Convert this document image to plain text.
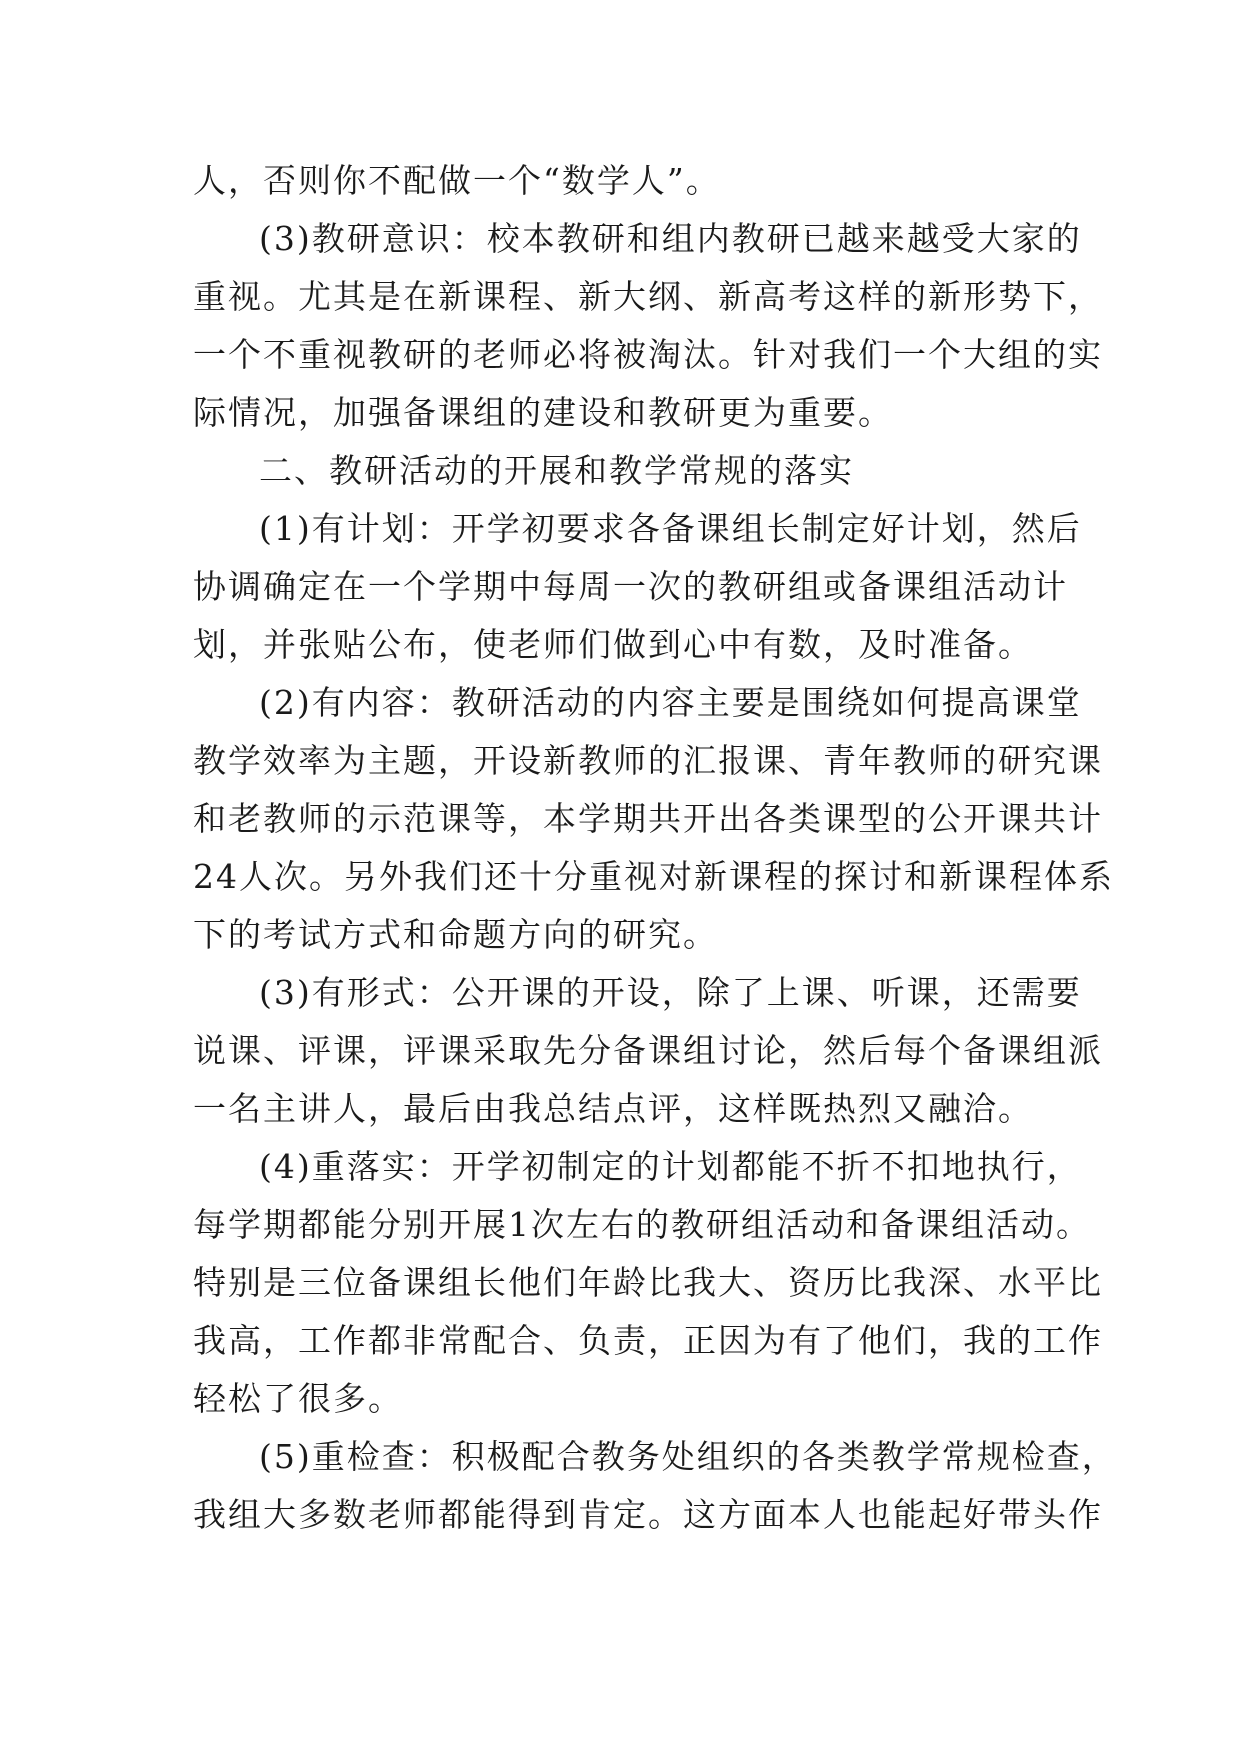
人，否则你不配做一个“数学人”。
(3)教研意识：校本教研和组内教研已越来越受大家的
重视。尤其是在新课程、新大纲、新高考这样的新形势下，
一个不重视教研的老师必将被淘汰。针对我们一个大组的实
际情况，加强备课组的建设和教研更为重要。
二、教研活动的开展和教学常规的落实
(1)有计划：开学初要求各备课组长制定好计划，然后
协调确定在一个学期中每周一次的教研组或备课组活动计
划，并张贴公布，使老师们做到心中有数，及时准备。
(2)有内容：教研活动的内容主要是围绕如何提高课堂
教学效率为主题，开设新教师的汇报课、青年教师的研究课
和老教师的示范课等，本学期共开出各类课型的公开课共计
24人次。另外我们还十分重视对新课程的探讨和新课程体系
下的考试方式和命题方向的研究。
(3)有形式：公开课的开设，除了上课、听课，还需要
说课、评课，评课采取先分备课组讨论，然后每个备课组派
一名主讲人，最后由我总结点评，这样既热烈又融洽。
(4)重落实：开学初制定的计划都能不折不扣地执行，
每学期都能分别开展1次左右的教研组活动和备课组活动。
特别是三位备课组长他们年龄比我大、资历比我深、水平比
我高，工作都非常配合、负责，正因为有了他们，我的工作
轻松了很多。
(5)重检查：积极配合教务处组织的各类教学常规检查，
我组大多数老师都能得到肯定。这方面本人也能起好带头作
